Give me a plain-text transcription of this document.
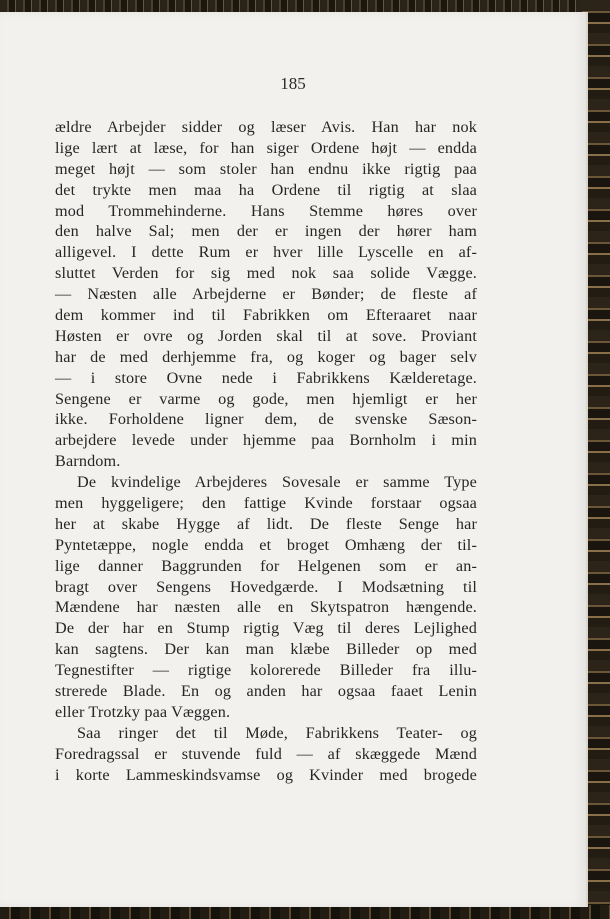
185
ældre Arbejder sidder og læser Avis. Han har nok
lige lært at læse, for han siger Ordene højt — endda
meget højt — som stoler han endnu ikke rigtig paa
det trykte men maa ha Ordene til rigtig at slaa
mod Trommehinderne. Hans Stemme høres over
den halve Sal; men der er ingen der hører ham
alligevel. I dette Rum er hver lille Lyscelle en af-
sluttet Verden for sig med nok saa solide Vægge.
— Næsten alle Arbejderne er Bønder; de fleste af
dem kommer ind til Fabrikken om Efteraaret naar
Høsten er ovre og Jorden skal til at sove. Proviant
har de med derhjemme fra, og koger og bager selv
— i store Ovne nede i Fabrikkens Kælderetage.
Sengene er varme og gode, men hjemligt er her
ikke. Forholdene ligner dem, de svenske Sæson-
arbejdere levede under hjemme paa Bornholm i min
Barndom.
De kvindelige Arbejderes Sovesale er samme Type
men hyggeligere; den fattige Kvinde forstaar ogsaa
her at skabe Hygge af lidt. De fleste Senge har
Pyntetæppe, nogle endda et broget Omhæng der til-
lige danner Baggrunden for Helgenen som er an-
bragt over Sengens Hovedgærde. I Modsætning til
Mændene har næsten alle en Skytspatron hængende.
De der har en Stump rigtig Væg til deres Lejlighed
kan sagtens. Der kan man klæbe Billeder op med
Tegnestifter — rigtige kolorerede Billeder fra illu-
strerede Blade. En og anden har ogsaa faaet Lenin
eller Trotzky paa Væggen.
Saa ringer det til Møde, Fabrikkens Teater- og
Foredragssal er stuvende fuld — af skæggede Mænd
i korte Lammeskindsvamse og Kvinder med brogede
